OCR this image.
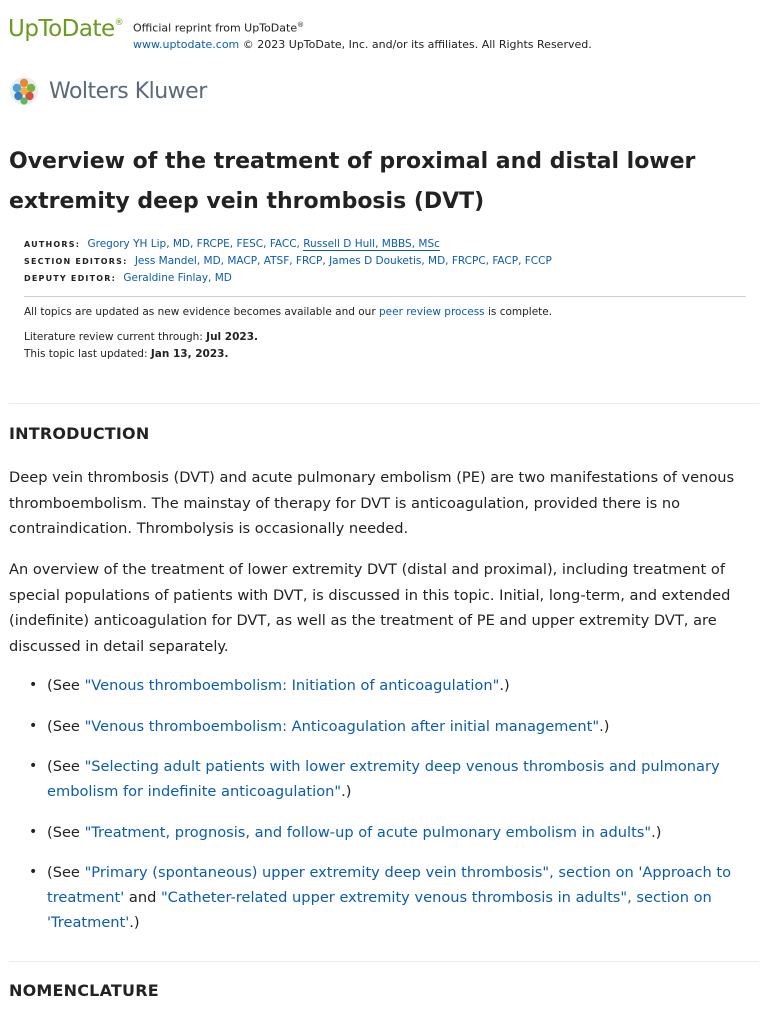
UpToDate® Official reprint from UpToDate®
www.uptodate.com © 2023 UpToDate, Inc. and/or its affiliates. All Rights Reserved.
Wolters Kluwer
Overview of the treatment of proximal and distal lower extremity deep vein thrombosis (DVT)
AUTHORS: Gregory YH Lip, MD, FRCPE, FESC, FACC, Russell D Hull, MBBS, MSc
SECTION EDITORS: Jess Mandel, MD, MACP, ATSF, FRCP, James D Douketis, MD, FRCPC, FACP, FCCP
DEPUTY EDITOR: Geraldine Finlay, MD
All topics are updated as new evidence becomes available and our peer review process is complete.
Literature review current through: Jul 2023.
This topic last updated: Jan 13, 2023.
INTRODUCTION

Deep vein thrombosis (DVT) and acute pulmonary embolism (PE) are two manifestations of venous thromboembolism. The mainstay of therapy for DVT is anticoagulation, provided there is no contraindication. Thrombolysis is occasionally needed.

An overview of the treatment of lower extremity DVT (distal and proximal), including treatment of special populations of patients with DVT, is discussed in this topic. Initial, long-term, and extended (indefinite) anticoagulation for DVT, as well as the treatment of PE and upper extremity DVT, are discussed in detail separately.

• (See "Venous thromboembolism: Initiation of anticoagulation".)
• (See "Venous thromboembolism: Anticoagulation after initial management".)
• (See "Selecting adult patients with lower extremity deep venous thrombosis and pulmonary embolism for indefinite anticoagulation".)
• (See "Treatment, prognosis, and follow-up of acute pulmonary embolism in adults".)
• (See "Primary (spontaneous) upper extremity deep vein thrombosis", section on 'Approach to treatment' and "Catheter-related upper extremity venous thrombosis in adults", section on 'Treatment'.)
NOMENCLATURE
